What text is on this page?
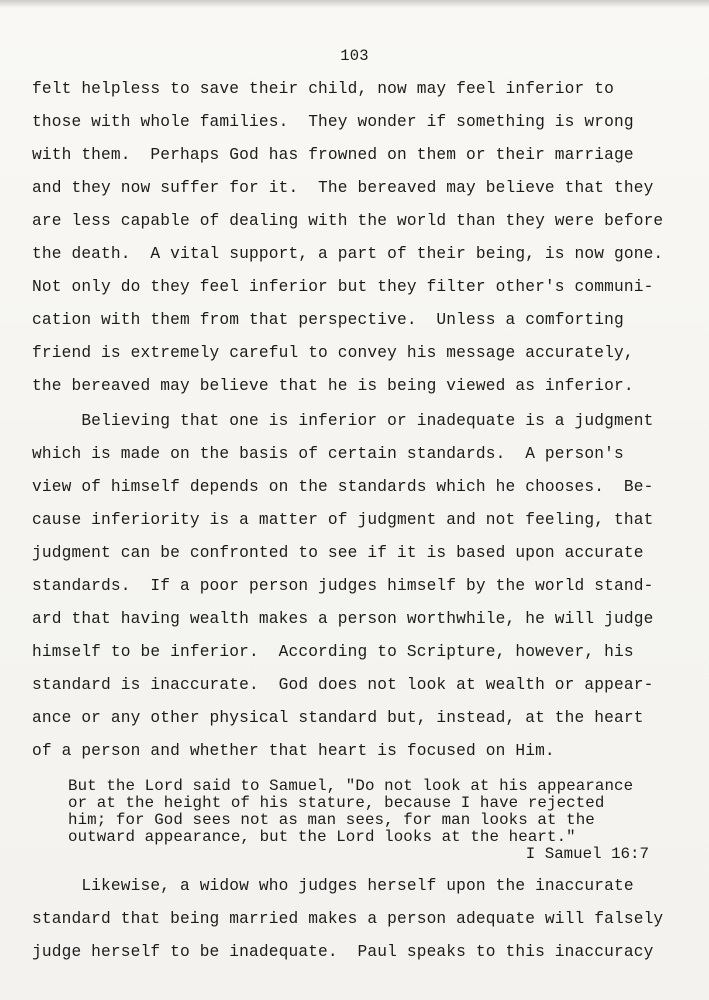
103
felt helpless to save their child, now may feel inferior to
those with whole families.  They wonder if something is wrong
with them.  Perhaps God has frowned on them or their marriage
and they now suffer for it.  The bereaved may believe that they
are less capable of dealing with the world than they were before
the death.  A vital support, a part of their being, is now gone.
Not only do they feel inferior but they filter other's communi-
cation with them from that perspective.  Unless a comforting
friend is extremely careful to convey his message accurately,
the bereaved may believe that he is being viewed as inferior.
Believing that one is inferior or inadequate is a judgment
which is made on the basis of certain standards.  A person's
view of himself depends on the standards which he chooses.  Be-
cause inferiority is a matter of judgment and not feeling, that
judgment can be confronted to see if it is based upon accurate
standards.  If a poor person judges himself by the world stand-
ard that having wealth makes a person worthwhile, he will judge
himself to be inferior.  According to Scripture, however, his
standard is inaccurate.  God does not look at wealth or appear-
ance or any other physical standard but, instead, at the heart
of a person and whether that heart is focused on Him.
But the Lord said to Samuel, "Do not look at his appearance
or at the height of his stature, because I have rejected
him; for God sees not as man sees, for man looks at the
outward appearance, but the Lord looks at the heart."
I Samuel 16:7
Likewise, a widow who judges herself upon the inaccurate
standard that being married makes a person adequate will falsely
judge herself to be inadequate.  Paul speaks to this inaccuracy
